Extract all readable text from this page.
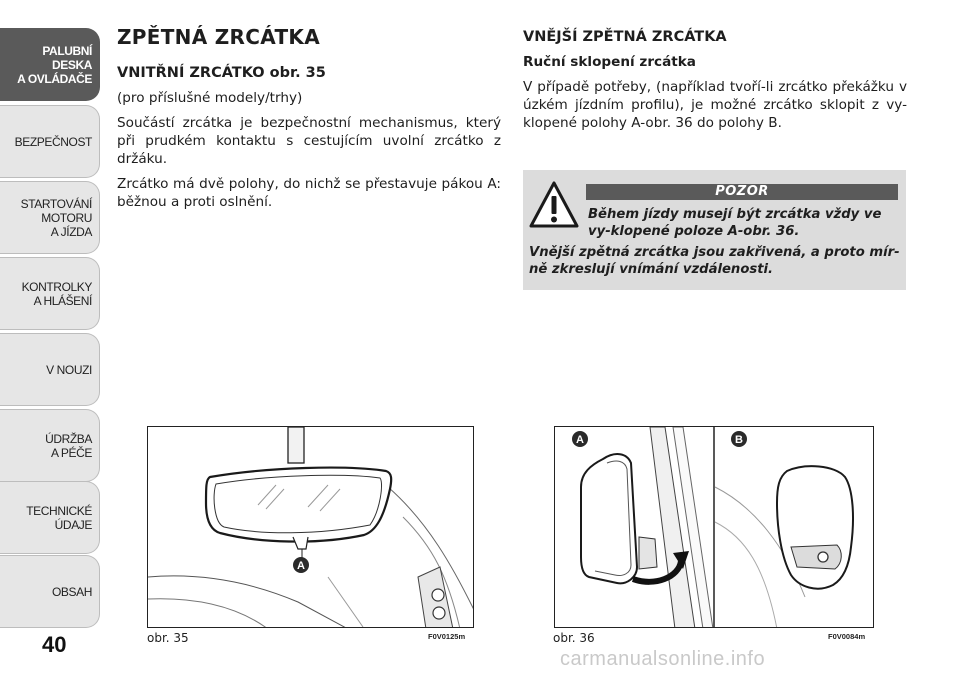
PALUBNÍ DESKA
A OVLÁDAČE
BEZPEČNOST
STARTOVÁNÍ
MOTORU
A JÍZDA
KONTROLKY
A HLÁŠENÍ
V NOUZI
ÚDRŽBA
A PÉČE
TECHNICKÉ
ÚDAJE
OBSAH
40
ZPĚTNÁ ZRCÁTKA

VNITŘNÍ ZRCÁTKO obr. 35

(pro příslušné modely/trhy)

Součástí zrcátka je bezpečnostní mechanismus, který při prudkém kontaktu s cestujícím uvolní zrcátko z držáku.

Zrcátko má dvě polohy, do nichž se přestavuje pákou A: běžnou a proti oslnění.

VNĚJŠÍ ZPĚTNÁ ZRCÁTKA

Ruční sklopení zrcátka

V případě potřeby, (například tvoří-li zrcátko překážku v úzkém jízdním profilu), je možné zrcátko sklopit z vy-klopené polohy A-obr. 36 do polohy B.

POZOR
Během jízdy musejí být zrcátka vždy ve vy-klopené poloze A-obr. 36.
Vnější zpětná zrcátka jsou zakřivená, a proto mír-ně zkreslují vnímání vzdálenosti.
A
obr. 35	F0V0125m
A	B
obr. 36	F0V0084m
carmanualsonline.info
